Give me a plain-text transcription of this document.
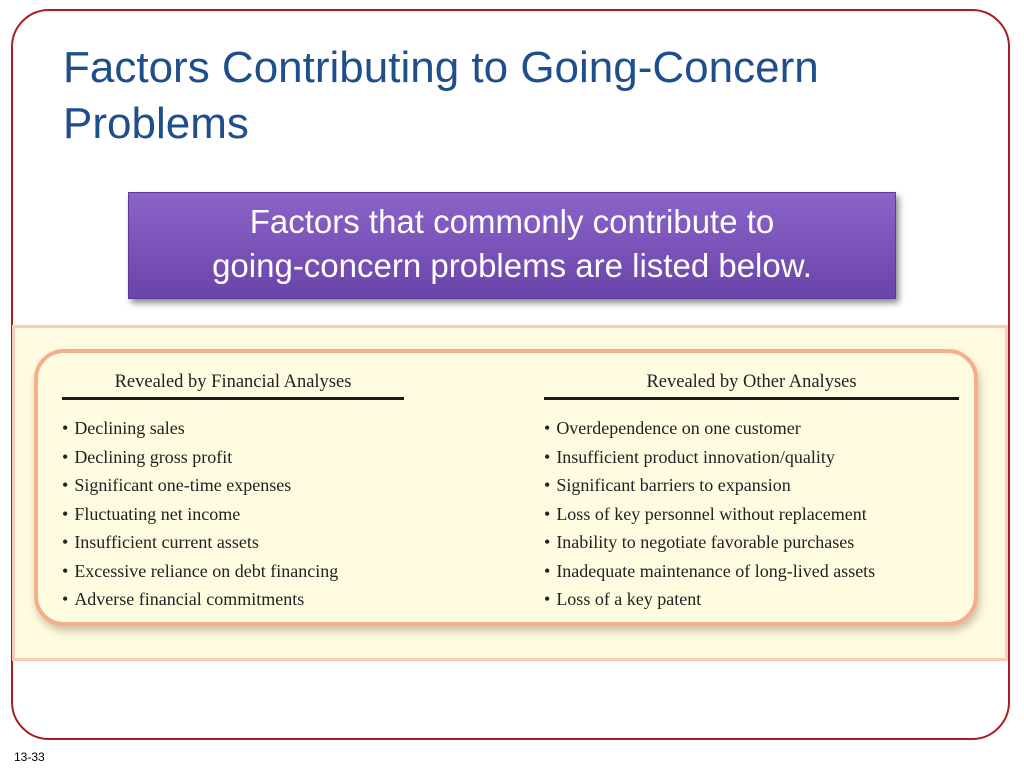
Factors Contributing to Going-Concern Problems
Factors that commonly contribute to
going-concern problems are listed below.
Revealed by Financial Analyses
• Declining sales
• Declining gross profit
• Significant one-time expenses
• Fluctuating net income
• Insufficient current assets
• Excessive reliance on debt financing
• Adverse financial commitments
Revealed by Other Analyses
• Overdependence on one customer
• Insufficient product innovation/quality
• Significant barriers to expansion
• Loss of key personnel without replacement
• Inability to negotiate favorable purchases
• Inadequate maintenance of long-lived assets
• Loss of a key patent
13-33
